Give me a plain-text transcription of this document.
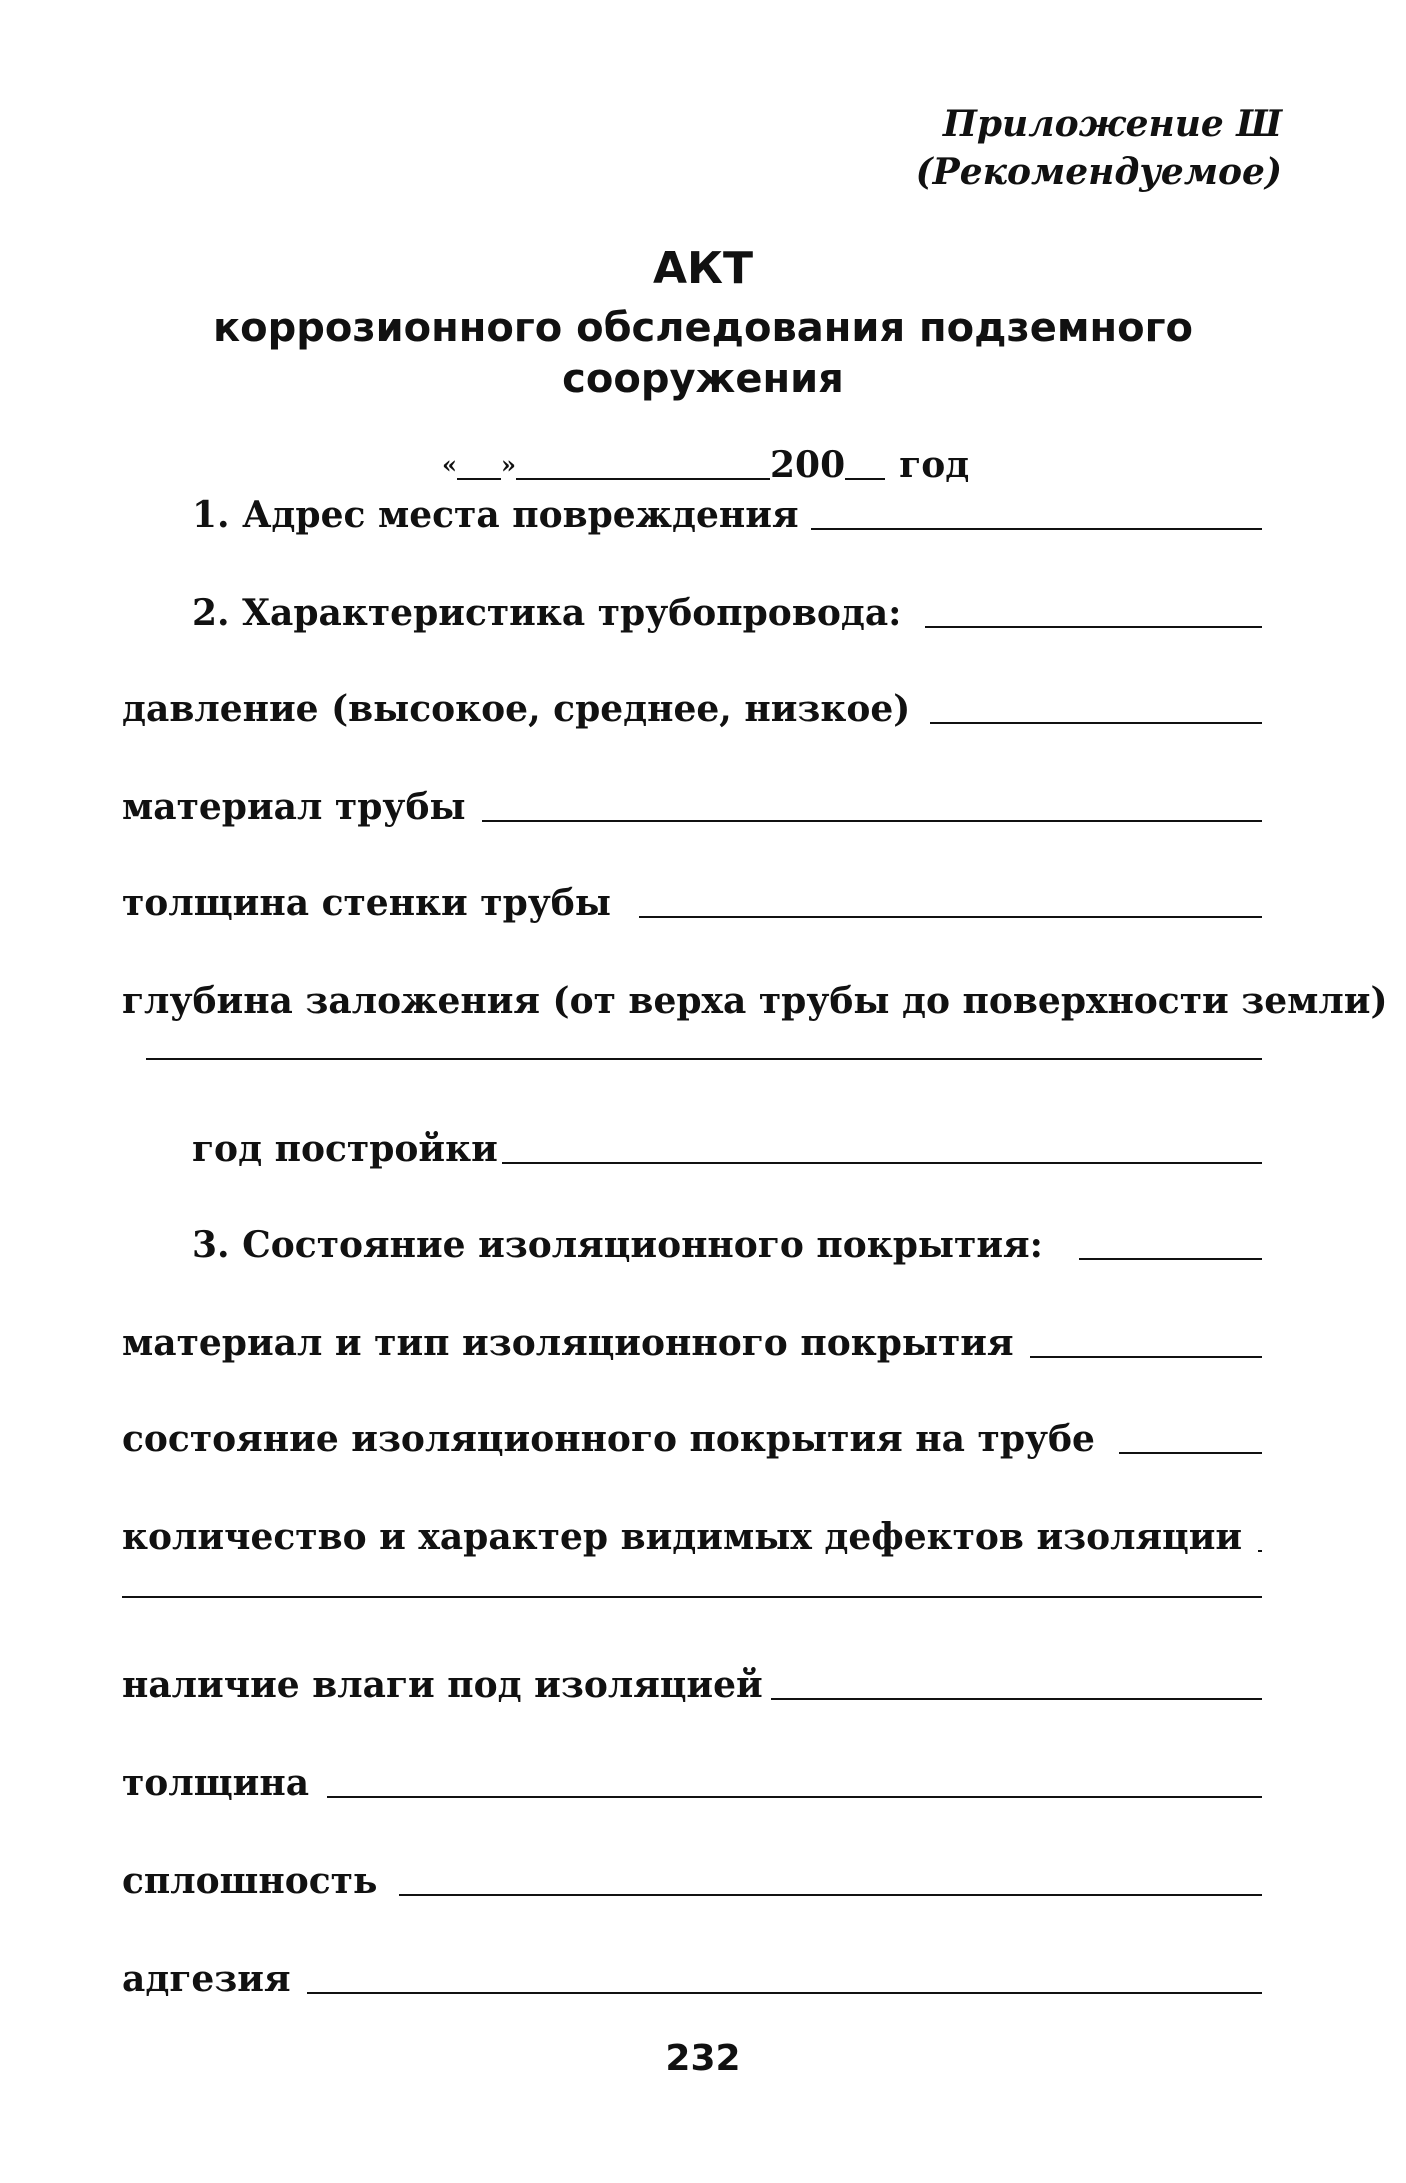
Приложение Ш
(Рекомендуемое)
АКТ
коррозионного обследования подземного
сооружения
« »	200 год
1. Адрес места повреждения
2. Характеристика трубопровода:
давление (высокое, среднее, низкое)
материал трубы
толщина стенки трубы
глубина заложения (от верха трубы до поверхности земли)
год постройки
3. Состояние изоляционного покрытия:
материал и тип изоляционного покрытия
состояние изоляционного покрытия на трубе
количество и характер видимых дефектов изоляции
наличие влаги под изоляцией
толщина
сплошность
адгезия
232
